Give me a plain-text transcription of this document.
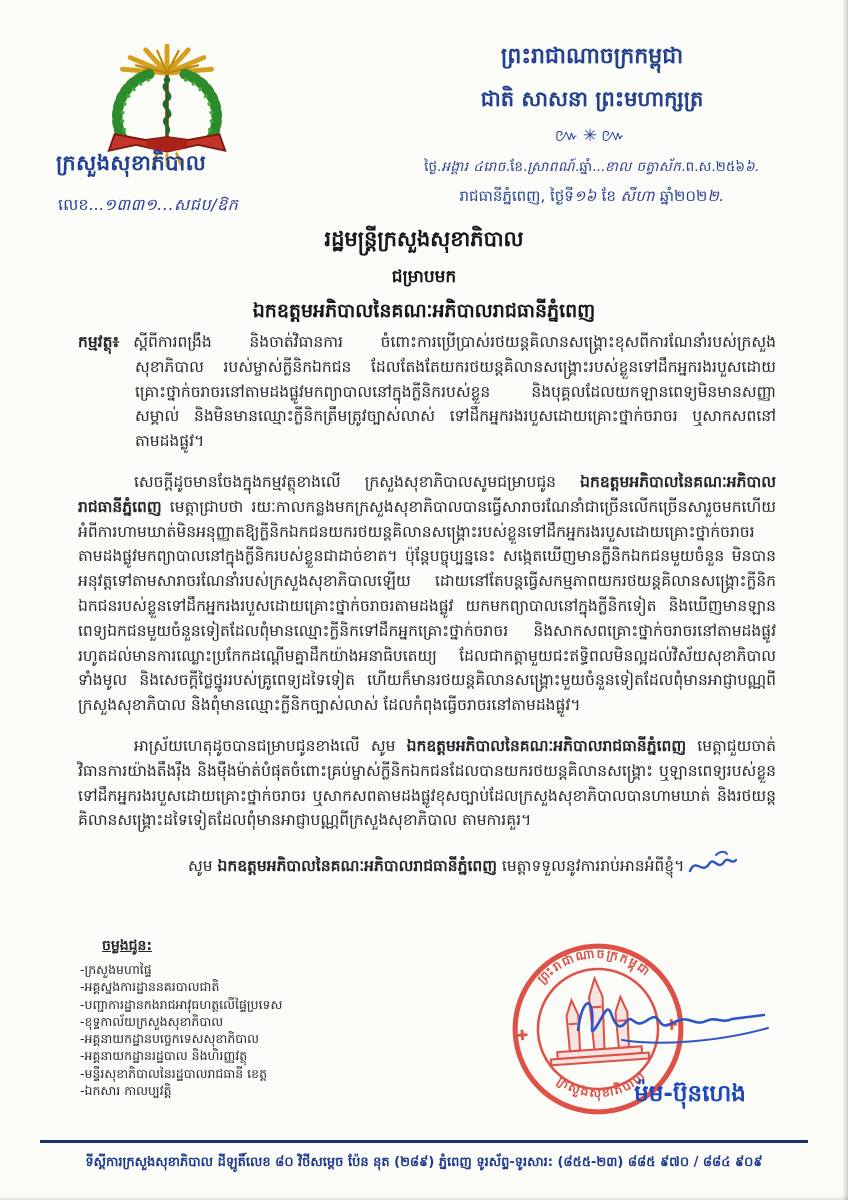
ក្រសួងសុខាភិបាល
លេខ...១៣៣១...សជប/ឱក
ព្រះរាជាណាចក្រកម្ពុជា
ជាតិ សាសនា ព្រះមហាក្សត្រ
៚✳៚
ថ្ងៃ.អង្គារ ៤រោច.ខែ.ស្រាពណ៍.ឆ្នាំ...ខាល ចត្វាស័ក.ព.ស.២៥៦៦.
រាជធានីភ្នំពេញ, ថ្ងៃទី១៦ ខែ សីហា ឆ្នាំ២០២២.
រដ្ឋមន្ត្រីក្រសួងសុខាភិបាល
ជម្រាបមក
ឯកឧត្តមអភិបាលនៃគណៈអភិបាលរាជធានីភ្នំពេញ

កម្មវត្ថុ៖ ស្តីពីការពង្រឹង និងចាត់វិធានការ ចំពោះការប្រើប្រាស់រថយន្តគិលានសង្គ្រោះខុសពីការណែនាំរបស់ក្រសួងសុខាភិបាល របស់ម្ចាស់ក្លីនិកឯកជន ដែលតែងតែយករថយន្តគិលានសង្គ្រោះរបស់ខ្លួនទៅដឹកអ្នករងរបួសដោយគ្រោះថ្នាក់ចរាចរនៅតាមដងផ្លូវមកព្យាបាលនៅក្នុងក្លីនិករបស់ខ្លួន និងបុគ្គលដែលយកឡានពេទ្យមិនមានសញ្ញាសម្គាល់ និងមិនមានឈ្មោះក្លីនិកត្រឹមត្រូវច្បាស់លាស់ ទៅដឹកអ្នករងរបួសដោយគ្រោះថ្នាក់ចរាចរ ឬសាកសពនៅតាមដងផ្លូវ។

សេចក្តីដូចមានចែងក្នុងកម្មវត្ថុខាងលើ ក្រសួងសុខាភិបាលសូមជម្រាបជូន ឯកឧត្តមអភិបាលនៃគណៈអភិបាលរាជធានីភ្នំពេញ មេត្តាជ្រាបថា រយៈកាលកន្លងមកក្រសួងសុខាភិបាលបានធ្វើសារាចរណែនាំជាច្រើនលើកច្រើនសារួចមកហើយ អំពីការហាមឃាត់មិនអនុញ្ញាតឱ្យក្លីនិកឯកជនយករថយន្តគិលានសង្គ្រោះរបស់ខ្លួនទៅដឹកអ្នករងរបួសដោយគ្រោះថ្នាក់ចរាចរតាមដងផ្លូវមកព្យាបាលនៅក្នុងក្លីនិករបស់ខ្លួនជាដាច់ខាត។ ប៉ុន្តែបច្ចុប្បន្ននេះ សង្កេតឃើញមានក្លីនិកឯកជនមួយចំនួន មិនបានអនុវត្តទៅតាមសារាចរណែនាំរបស់ក្រសួងសុខាភិបាលឡើយ ដោយនៅតែបន្តធ្វើសកម្មភាពយករថយន្តគិលានសង្គ្រោះក្លីនិកឯកជនរបស់ខ្លួនទៅដឹកអ្នករងរបួសដោយគ្រោះថ្នាក់ចរាចរតាមដងផ្លូវ យកមកព្យាបាលនៅក្នុងក្លីនិកទៀត និងឃើញមានឡានពេទ្យឯកជនមួយចំនួនទៀតដែលពុំមានឈ្មោះក្លីនិកទៅដឹកអ្នកគ្រោះថ្នាក់ចរាចរ និងសាកសពគ្រោះថ្នាក់ចរាចរនៅតាមដងផ្លូវ រហូតដល់មានការឈ្លោះប្រកែកដណ្តើមគ្នាដឹកយ៉ាងអនាធិបតេយ្យ ដែលជាកត្តាមួយជះឥទ្ធិពលមិនល្អដល់វិស័យសុខាភិបាលទាំងមូល និងសេចក្តីថ្លៃថ្នូររបស់គ្រូពេទ្យដទៃទៀត ហើយក៏មានរថយន្តគិលានសង្គ្រោះមួយចំនួនទៀតដែលពុំមានអាជ្ញាបណ្ណពីក្រសួងសុខាភិបាល និងពុំមានឈ្មោះក្លីនិកច្បាស់លាស់ ដែលកំពុងធ្វើចរាចរនៅតាមដងផ្លូវ។

អាស្រ័យហេតុដូចបានជម្រាបជូនខាងលើ សូម ឯកឧត្តមអភិបាលនៃគណៈអភិបាលរាជធានីភ្នំពេញ មេត្តាជួយចាត់វិធានការយ៉ាងតឹងរ៉ឹង និងម៉ឺងម៉ាត់បំផុតចំពោះគ្រប់ម្ចាស់ក្លីនិកឯកជនដែលបានយករថយន្តគិលានសង្គ្រោះ ឬឡានពេទ្យរបស់ខ្លួនទៅដឹកអ្នករងរបួសដោយគ្រោះថ្នាក់ចរាចរ ឬសាកសពតាមដងផ្លូវខុសច្បាប់ដែលក្រសួងសុខាភិបាលបានហាមឃាត់ និងរថយន្តគិលានសង្គ្រោះដទៃទៀតដែលពុំមានអាជ្ញាបណ្ណពីក្រសួងសុខាភិបាល តាមការគួរ។

សូម ឯកឧត្តមអភិបាលនៃគណៈអភិបាលរាជធានីភ្នំពេញ មេត្តាទទួលនូវការរាប់អានអំពីខ្ញុំ។

ចម្លងជូន:
-ក្រសួងមហាផ្ទៃ
-អគ្គស្នងការដ្ឋាននគរបាលជាតិ
-បញ្ជាការដ្ឋានកងរាជអាវុធហត្ថលើផ្ទៃប្រទេស
-ខុទ្ទកាល័យក្រសួងសុខាភិបាល
-អគ្គនាយកដ្ឋានបច្ចេកទេសសុខាភិបាល
-អគ្គនាយកដ្ឋានរដ្ឋបាល និងហិរញ្ញវត្ថុ
-មន្ទីរសុខាភិបាលនៃរដ្ឋបាលរាជធានី ខេត្ត
-ឯកសារ កាលប្បវត្តិ
ព្រះរាជាណាចក្រកម្ពុជា
ក្រសួងសុខាភិបាល
✚
✚
ម៉ម-ប៊ុនហេង
ទីស្តីការក្រសួងសុខាភិបាល ដីឡូតិ៍លេខ ៨០ វិថីសម្តេច ប៉ែន នុត (២៨៩) ភ្នំពេញ ទូរស័ព្ទ-ទូរសារ: (៨៥៥-២៣) ៨៨៥ ៩៧០ / ៨៨៤ ៩០៩
